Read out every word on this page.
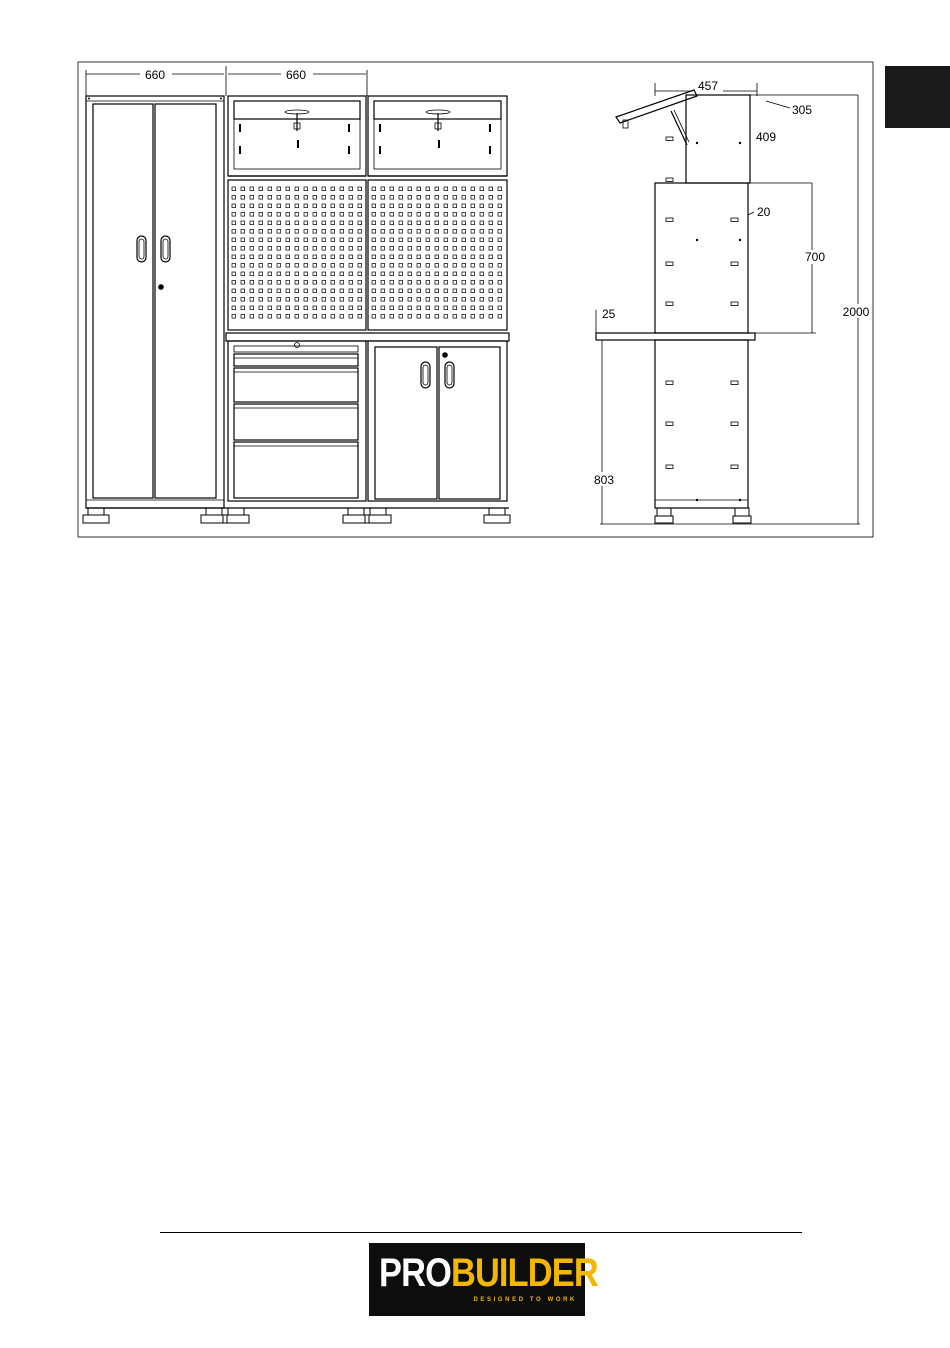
660	660
457
305
409
20
700
25
803
2000
PROBUILDER
DESIGNED TO WORK
